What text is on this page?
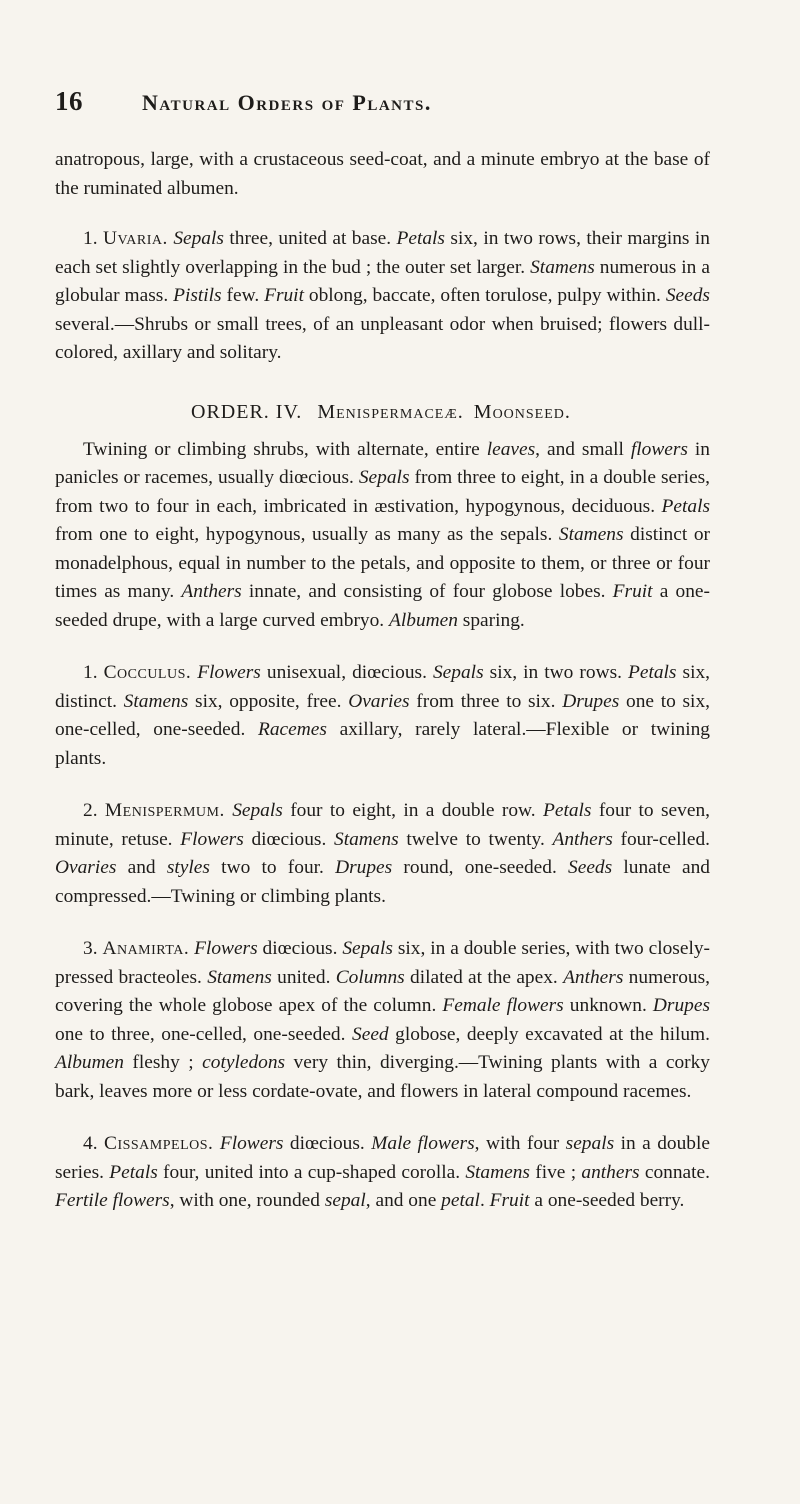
16	Natural Orders of Plants.

anatropous, large, with a crustaceous seed-coat, and a minute embryo at the base of the ruminated albumen.

1. Uvaria. Sepals three, united at base. Petals six, in two rows, their margins in each set slightly overlapping in the bud ; the outer set larger. Stamens numerous in a globular mass. Pistils few. Fruit oblong, baccate, often torulose, pulpy within. Seeds several.—Shrubs or small trees, of an unpleasant odor when bruised; flowers dull-colored, axillary and solitary.

ORDER. IV. Menispermaceæ. Moonseed.

Twining or climbing shrubs, with alternate, entire leaves, and small flowers in panicles or racemes, usually diœcious. Sepals from three to eight, in a double series, from two to four in each, imbricated in æstivation, hypogynous, deciduous. Petals from one to eight, hypogynous, usually as many as the sepals. Stamens distinct or monadelphous, equal in number to the petals, and opposite to them, or three or four times as many. Anthers innate, and consisting of four globose lobes. Fruit a one-seeded drupe, with a large curved embryo. Albumen sparing.

1. Cocculus. Flowers unisexual, diœcious. Sepals six, in two rows. Petals six, distinct. Stamens six, opposite, free. Ovaries from three to six. Drupes one to six, one-celled, one-seeded. Racemes axillary, rarely lateral.—Flexible or twining plants.

2. Menispermum. Sepals four to eight, in a double row. Petals four to seven, minute, retuse. Flowers diœcious. Stamens twelve to twenty. Anthers four-celled. Ovaries and styles two to four. Drupes round, one-seeded. Seeds lunate and compressed.—Twining or climbing plants.

3. Anamirta. Flowers diœcious. Sepals six, in a double series, with two closely-pressed bracteoles. Stamens united. Columns dilated at the apex. Anthers numerous, covering the whole globose apex of the column. Female flowers unknown. Drupes one to three, one-celled, one-seeded. Seed globose, deeply excavated at the hilum. Albumen fleshy ; cotyledons very thin, diverging.—Twining plants with a corky bark, leaves more or less cordate-ovate, and flowers in lateral compound racemes.

4. Cissampelos. Flowers diœcious. Male flowers, with four sepals in a double series. Petals four, united into a cup-shaped corolla. Stamens five ; anthers connate. Fertile flowers, with one, rounded sepal, and one petal. Fruit a one-seeded berry.
